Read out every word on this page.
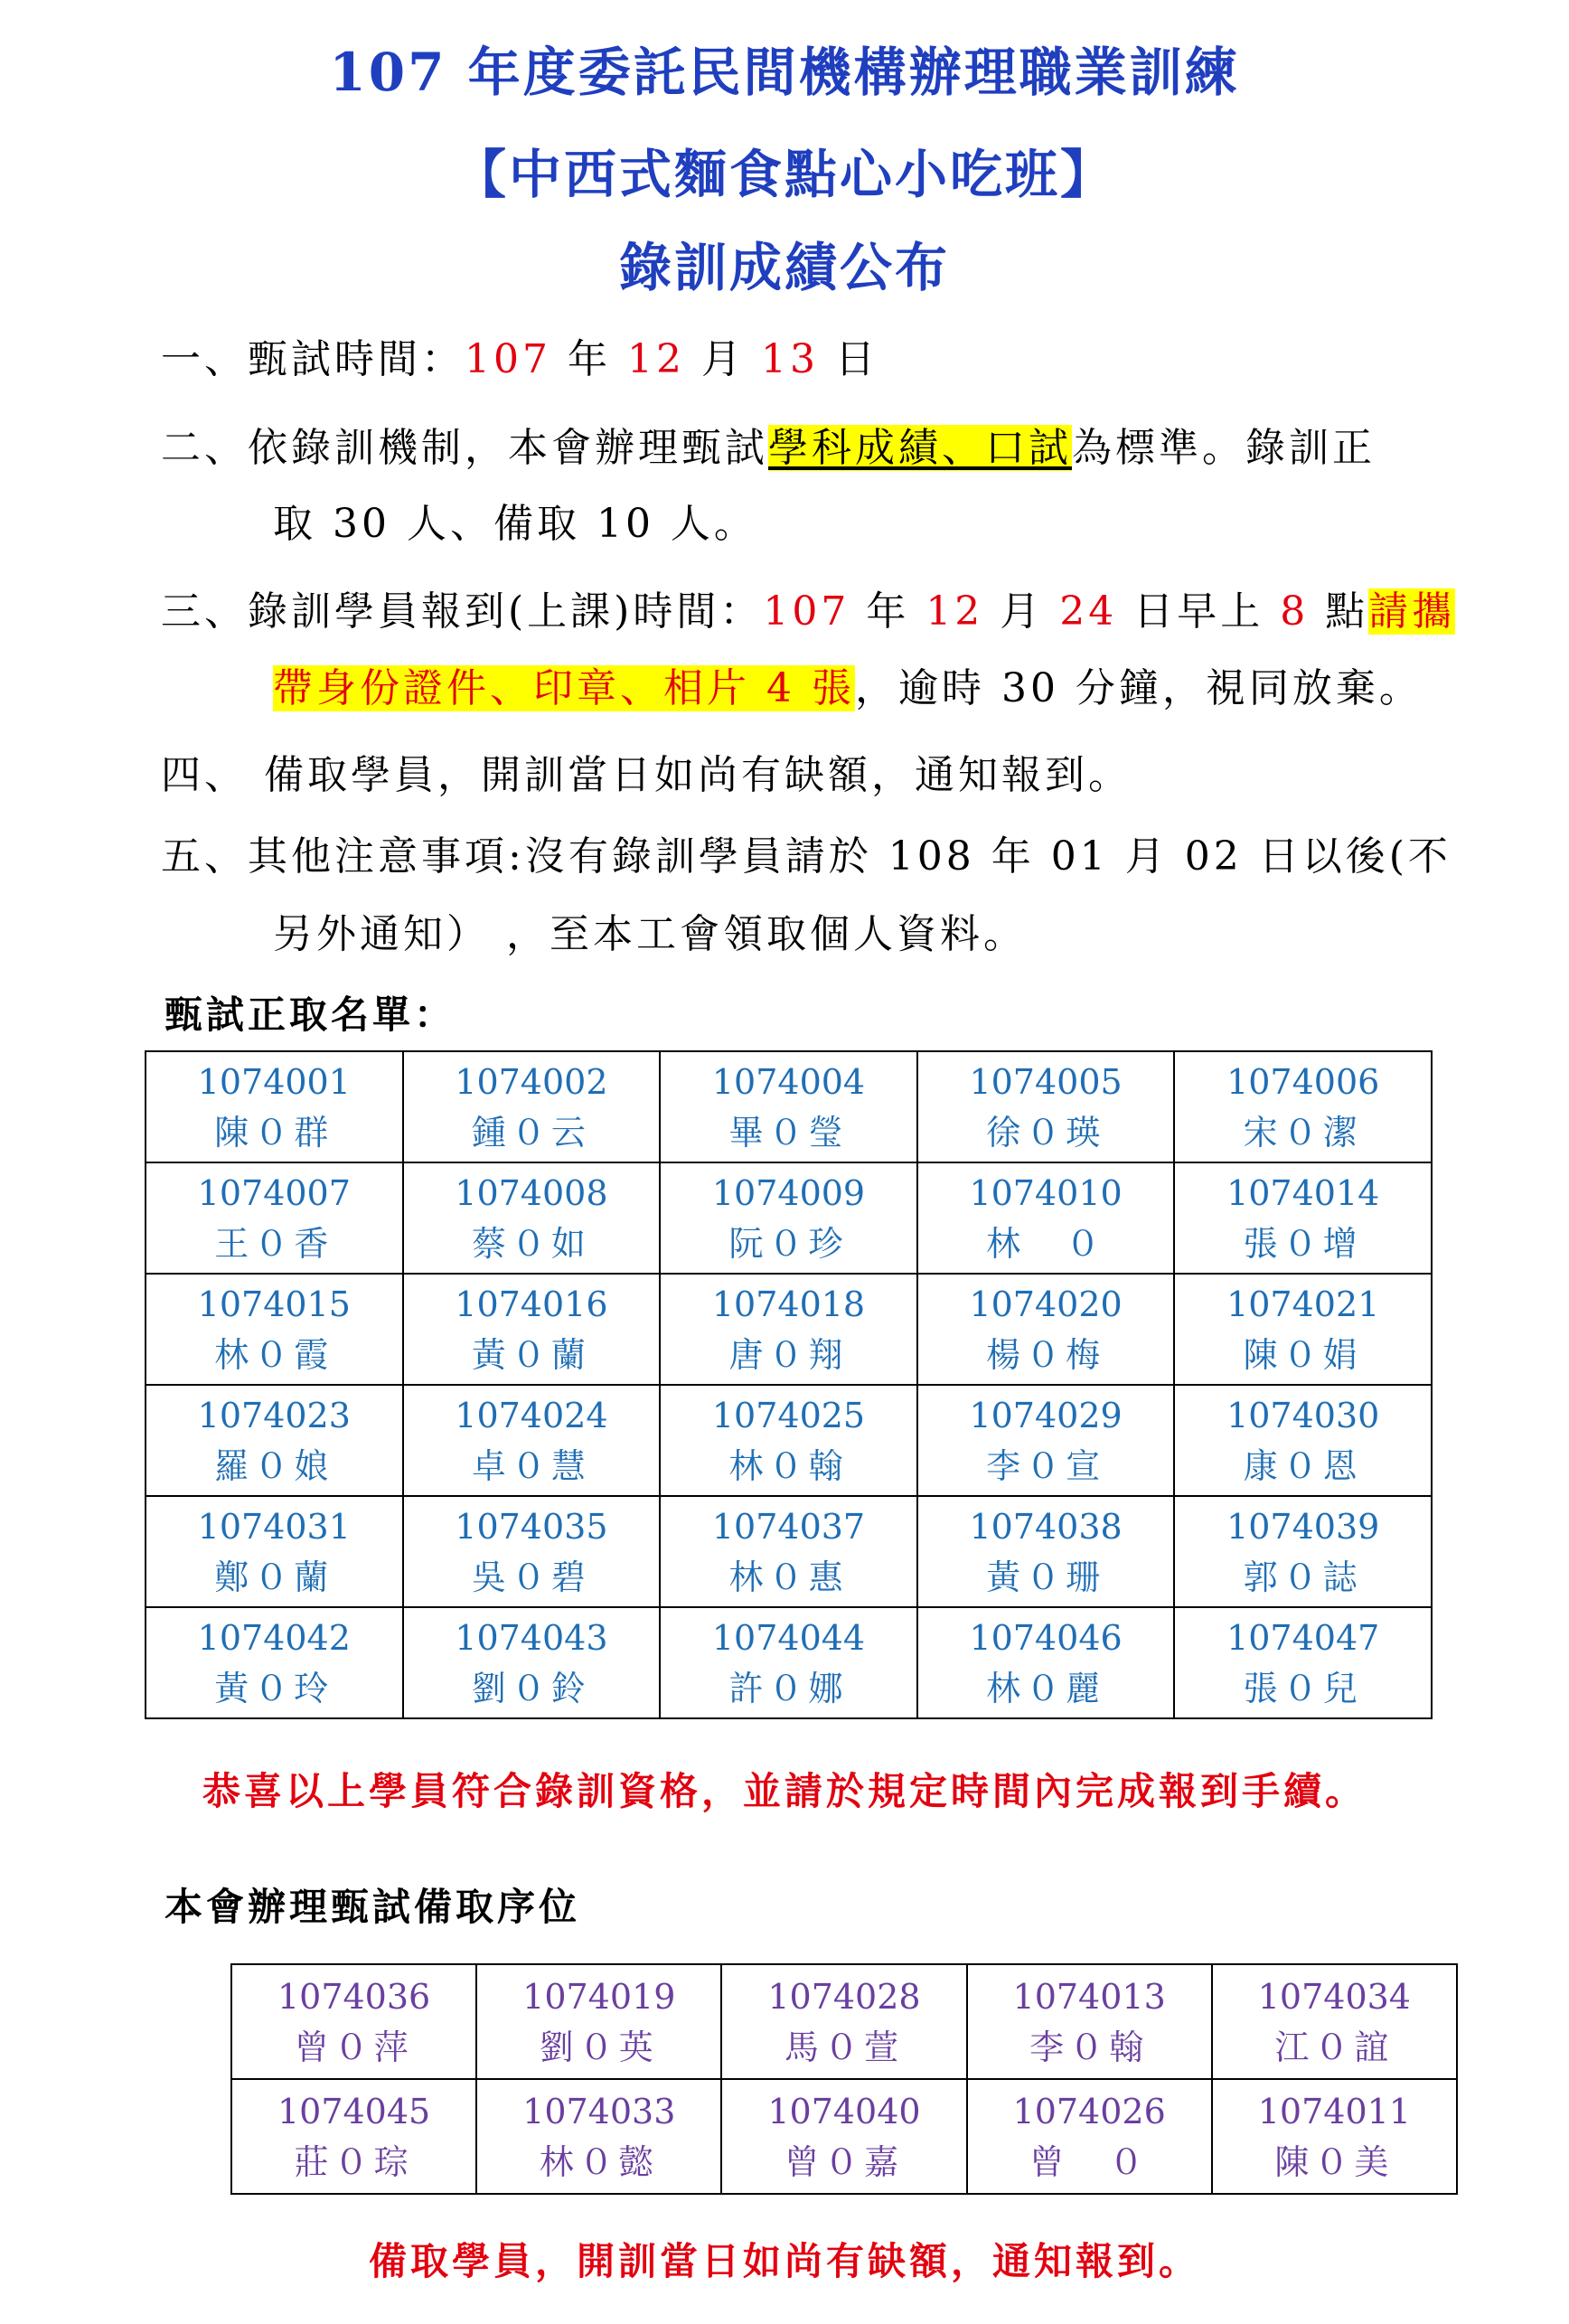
107 年度委託民間機構辦理職業訓練
【中西式麵食點心小吃班】
錄訓成績公布
一、甄試時間：107 年 12 月 13 日
二、依錄訓機制，本會辦理甄試學科成績、口試為標準。錄訓正
取 30 人、備取 10 人。
三、錄訓學員報到(上課)時間：107 年 12 月 24 日早上 8 點請攜
帶身份證件、印章、相片 4 張，逾時 30 分鐘，視同放棄。
四、 備取學員，開訓當日如尚有缺額，通知報到。
五、其他注意事項:沒有錄訓學員請於 108 年 01 月 02 日以後(不
另外通知） ，至本工會領取個人資料。
甄試正取名單：
1074001
陳０群	1074002
鍾０云	1074004
畢０瑩	1074005
徐０瑛	1074006
宋０潔

1074007
王０香	1074008
蔡０如	1074009
阮０珍	1074010
林　０	1074014
張０增

1074015
林０霞	1074016
黃０蘭	1074018
唐０翔	1074020
楊０梅	1074021
陳０娟

1074023
羅０娘	1074024
卓０慧	1074025
林０翰	1074029
李０宣	1074030
康０恩

1074031
鄭０蘭	1074035
吳０碧	1074037
林０惠	1074038
黃０珊	1074039
郭０誌

1074042
黃０玲	1074043
劉０鈴	1074044
許０娜	1074046
林０麗	1074047
張０兒
恭喜以上學員符合錄訓資格，並請於規定時間內完成報到手續。
本會辦理甄試備取序位
1074036
曾０萍	1074019
劉０英	1074028
馬０萱	1074013
李０翰	1074034
江０誼

1074045
莊０琮	1074033
林０懿	1074040
曾０嘉	1074026
曾　０	1074011
陳０美
備取學員，開訓當日如尚有缺額，通知報到。
